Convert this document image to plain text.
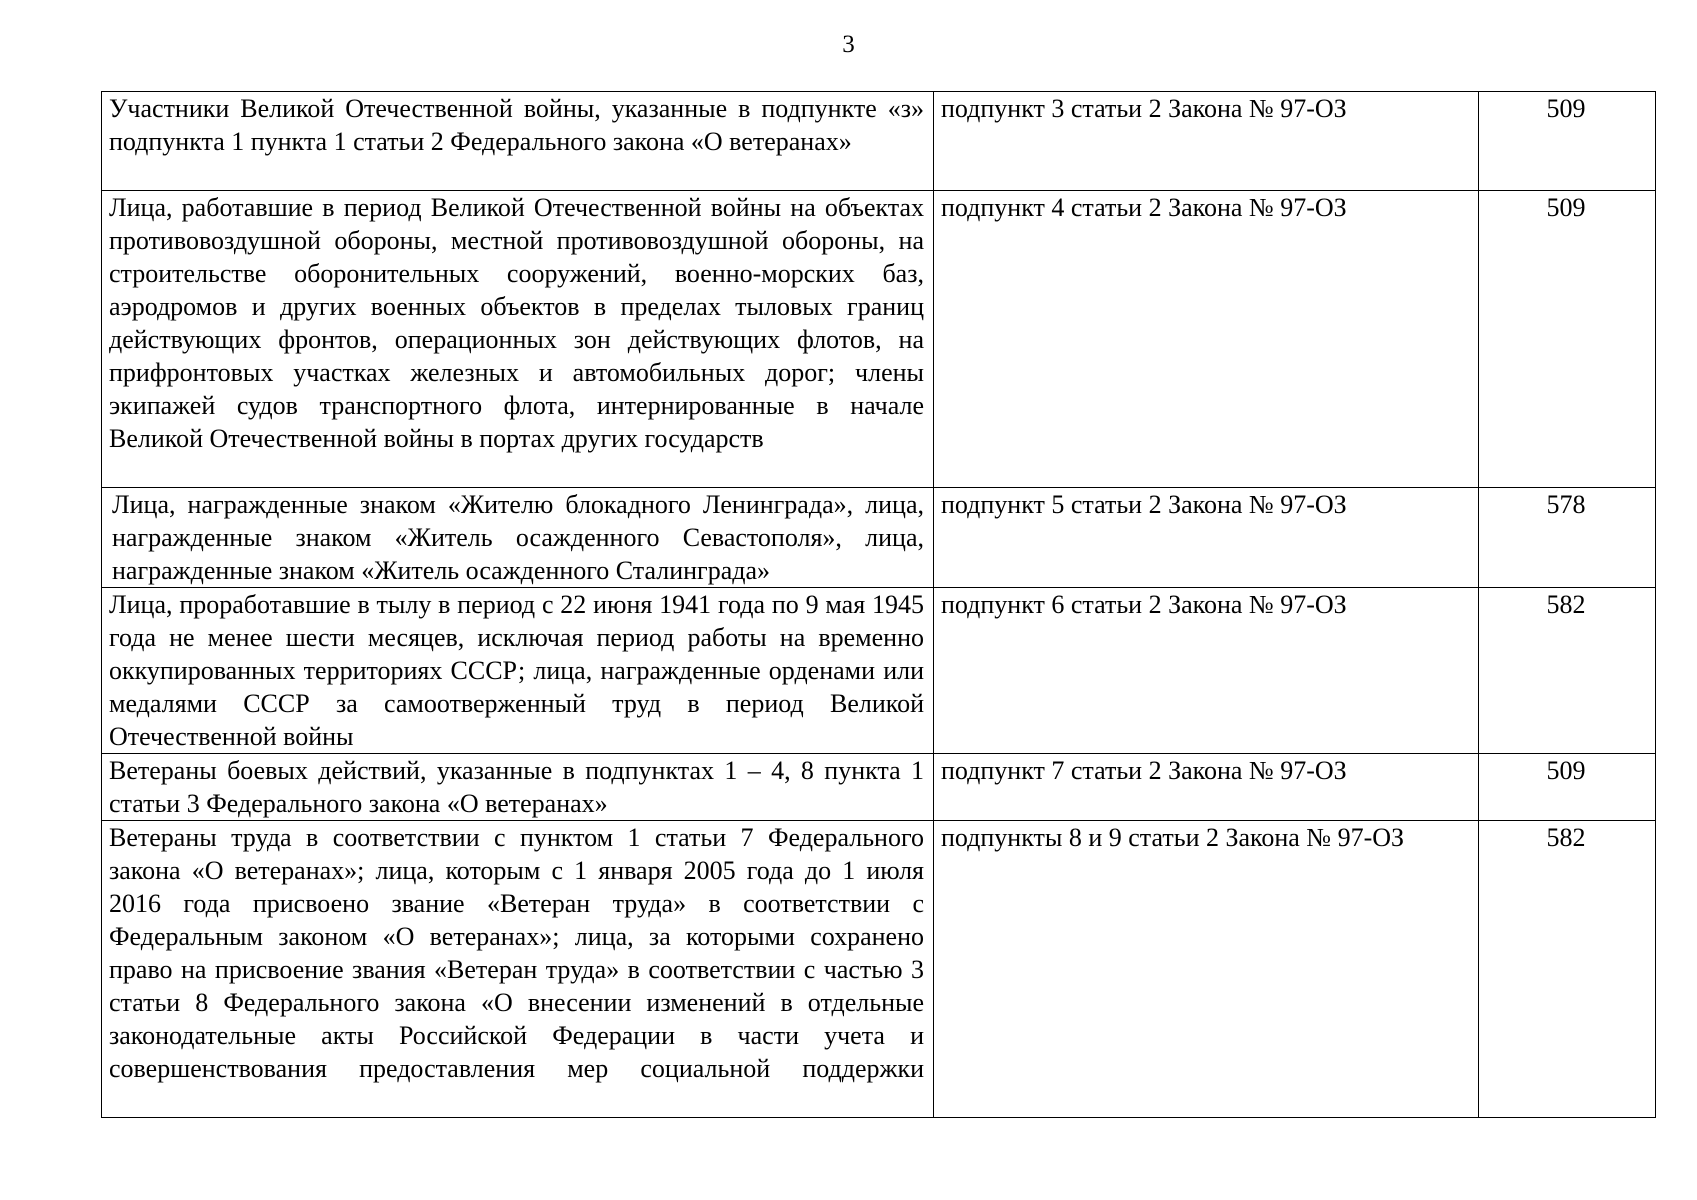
3
Участники Великой Отечественной войны, указанные в подпункте «з» подпункта 1 пункта 1 статьи 2 Федерального закона «О ветеранах»	подпункт 3 статьи 2 Закона № 97-ОЗ	509
Лица, работавшие в период Великой Отечественной войны на объектах противовоздушной обороны, местной противовоздушной обороны, на строительстве оборонительных сооружений, военно-морских баз, аэродромов и других военных объектов в пределах тыловых границ действующих фронтов, операционных зон действующих флотов, на прифронтовых участках железных и автомобильных дорог; члены экипажей судов транспортного флота, интернированные в начале Великой Отечественной войны в портах других государств	подпункт 4 статьи 2 Закона № 97-ОЗ	509
Лица, награжденные знаком «Жителю блокадного Ленинграда», лица, награжденные знаком «Житель осажденного Севастополя», лица, награжденные знаком «Житель осажденного Сталинграда»	подпункт 5 статьи 2 Закона № 97-ОЗ	578
Лица, проработавшие в тылу в период с 22 июня 1941 года по 9 мая 1945 года не менее шести месяцев, исключая период работы на временно оккупированных территориях СССР; лица, награжденные орденами или медалями СССР за самоотверженный труд в период Великой Отечественной войны	подпункт 6 статьи 2 Закона № 97-ОЗ	582
Ветераны боевых действий, указанные в подпунктах 1 – 4, 8 пункта 1 статьи 3 Федерального закона «О ветеранах»	подпункт 7 статьи 2 Закона № 97-ОЗ	509
Ветераны труда в соответствии с пунктом 1 статьи 7 Федерального закона «О ветеранах»; лица, которым с 1 января 2005 года до 1 июля 2016 года присвоено звание «Ветеран труда» в соответствии с Федеральным законом «О ветеранах»; лица, за которыми сохранено право на присвоение звания «Ветеран труда» в соответствии с частью 3 статьи 8 Федерального закона «О внесении изменений в отдельные законодательные акты Российской Федерации в части учета и совершенствования предоставления мер социальной поддержки	подпункты 8 и 9 статьи 2 Закона № 97-ОЗ	582
